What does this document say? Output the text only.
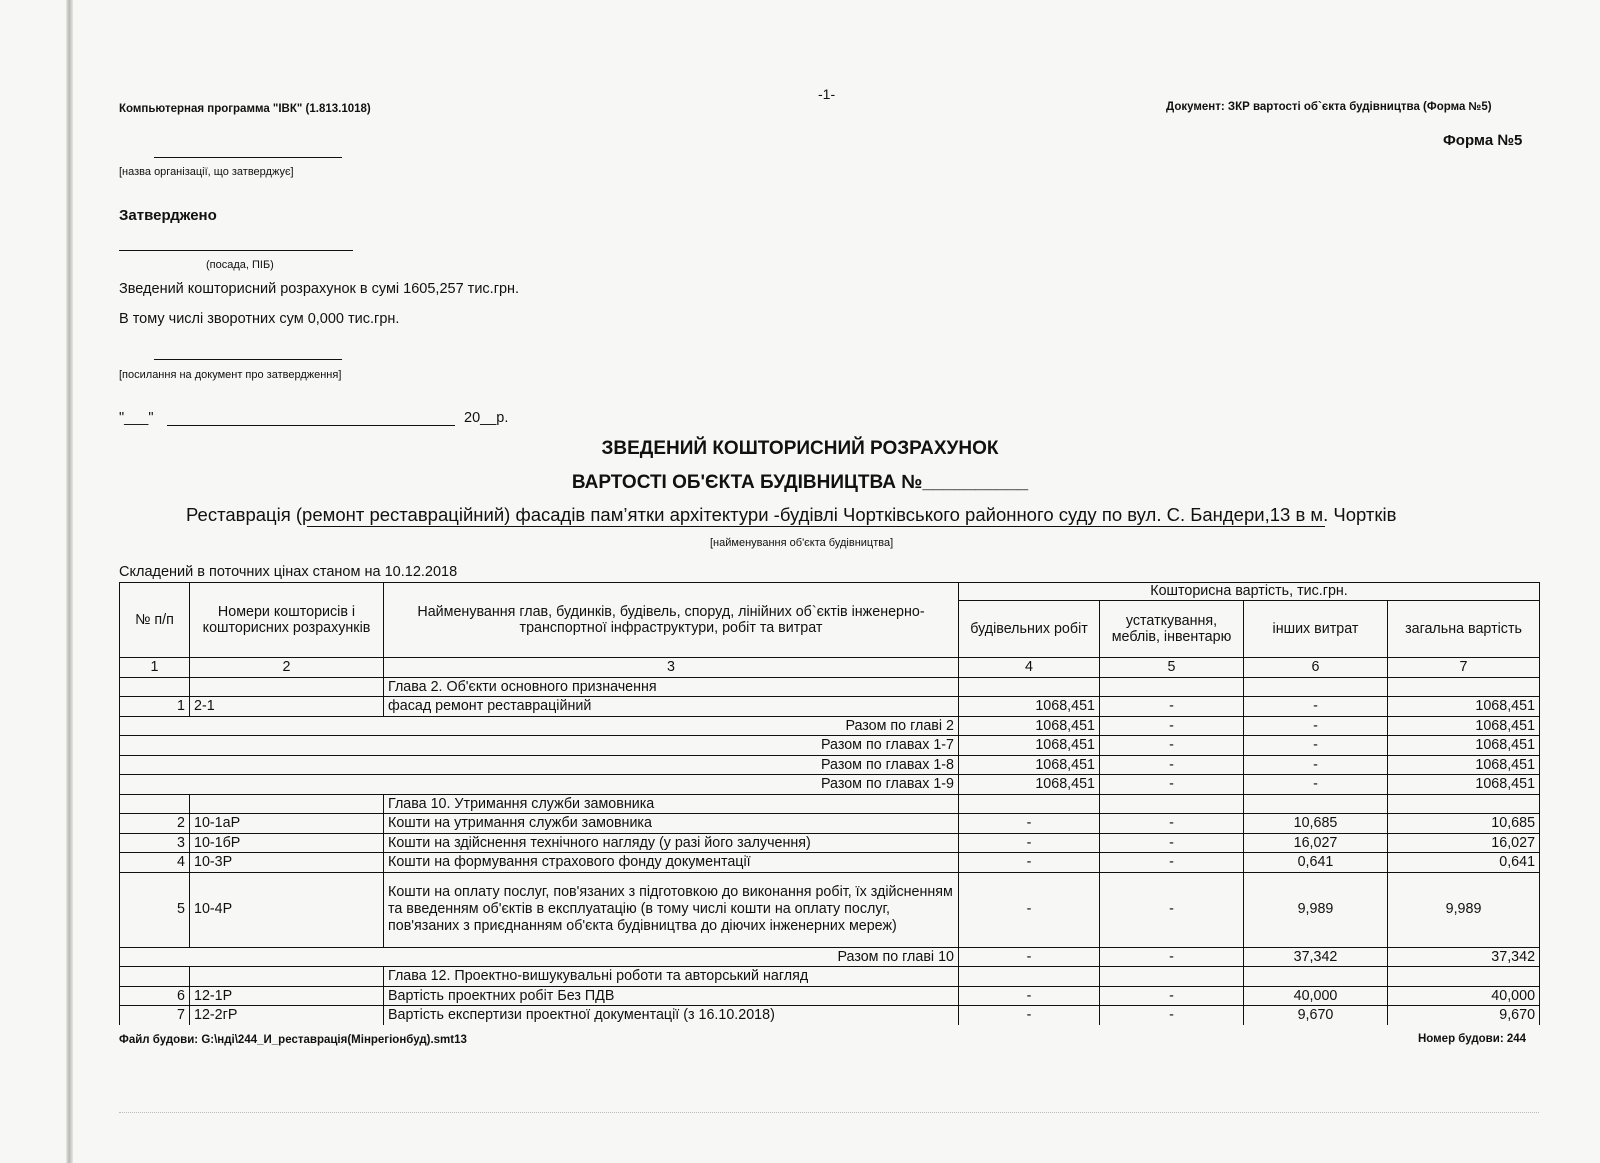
-1-
Компьютерная программа "ІВК" (1.813.1018)	Документ: ЗКР вартості об`єкта будівництва (Форма №5)
Форма №5
[назва організації, що затверджує]
Затверджено
(посада, ПІБ)
Зведений кошторисний розрахунок в сумі 1605,257 тис.грн.
В тому числі зворотних сум 0,000 тис.грн.
[посилання на документ про затвердження]
"___"	20__р.
ЗВЕДЕНИЙ КОШТОРИСНИЙ РОЗРАХУНОК
ВАРТОСТІ ОБ'ЄКТА БУДІВНИЦТВА №__________
Реставрація (ремонт реставраційний) фасадів пам’ятки архітектури -будівлі Чортківського районного суду по вул. С. Бандери,13 в м. Чортків
[найменування об'єкта будівництва]
Складений в поточних цінах станом на 10.12.2018
№ п/п	Номери кошторисів і кошторисних розрахунків	Найменування глав, будинків, будівель, споруд, лінійних об`єктів інженерно-транспортної інфраструктури, робіт та витрат	Кошторисна вартість, тис.грн.			
			будівельних робіт	устаткування, меблів, інвентарю	інших витрат	загальна вартість
1	2	3	4	5	6	7
		Глава 2. Об'єкти основного призначення				
1	2-1	фасад ремонт реставраційний	1068,451	-	-	1068,451
Разом по главі 2			1068,451	-	-	1068,451
Разом по главах 1-7			1068,451	-	-	1068,451
Разом по главах 1-8			1068,451	-	-	1068,451
Разом по главах 1-9			1068,451	-	-	1068,451
		Глава 10. Утримання служби замовника				
2	10-1аР	Кошти на утримання служби замовника	-	-	10,685	10,685
3	10-1бР	Кошти на здійснення технічного нагляду (у разі його залучення)	-	-	16,027	16,027
4	10-3Р	Кошти на формування страхового фонду документації	-	-	0,641	0,641
5	10-4Р	Кошти на оплату послуг, пов'язаних з підготовкою до виконання робіт, їх здійсненням та введенням об'єктів в експлуатацію (в тому числі кошти на оплату послуг, пов'язаних з приєднанням об'єкта будівництва до діючих інженерних мереж)	-	-	9,989	9,989
Разом по главі 10			-	-	37,342	37,342
		Глава 12. Проектно-вишукувальні роботи та авторський нагляд				
6	12-1Р	Вартість проектних робіт Без ПДВ	-	-	40,000	40,000
7	12-2гР	Вартість експертизи проектної документації (з 16.10.2018)	-	-	9,670	9,670
Файл будови: G:\ндi\244_И_реставрація(Мінрегіонбуд).smt13	Номер будови: 244
